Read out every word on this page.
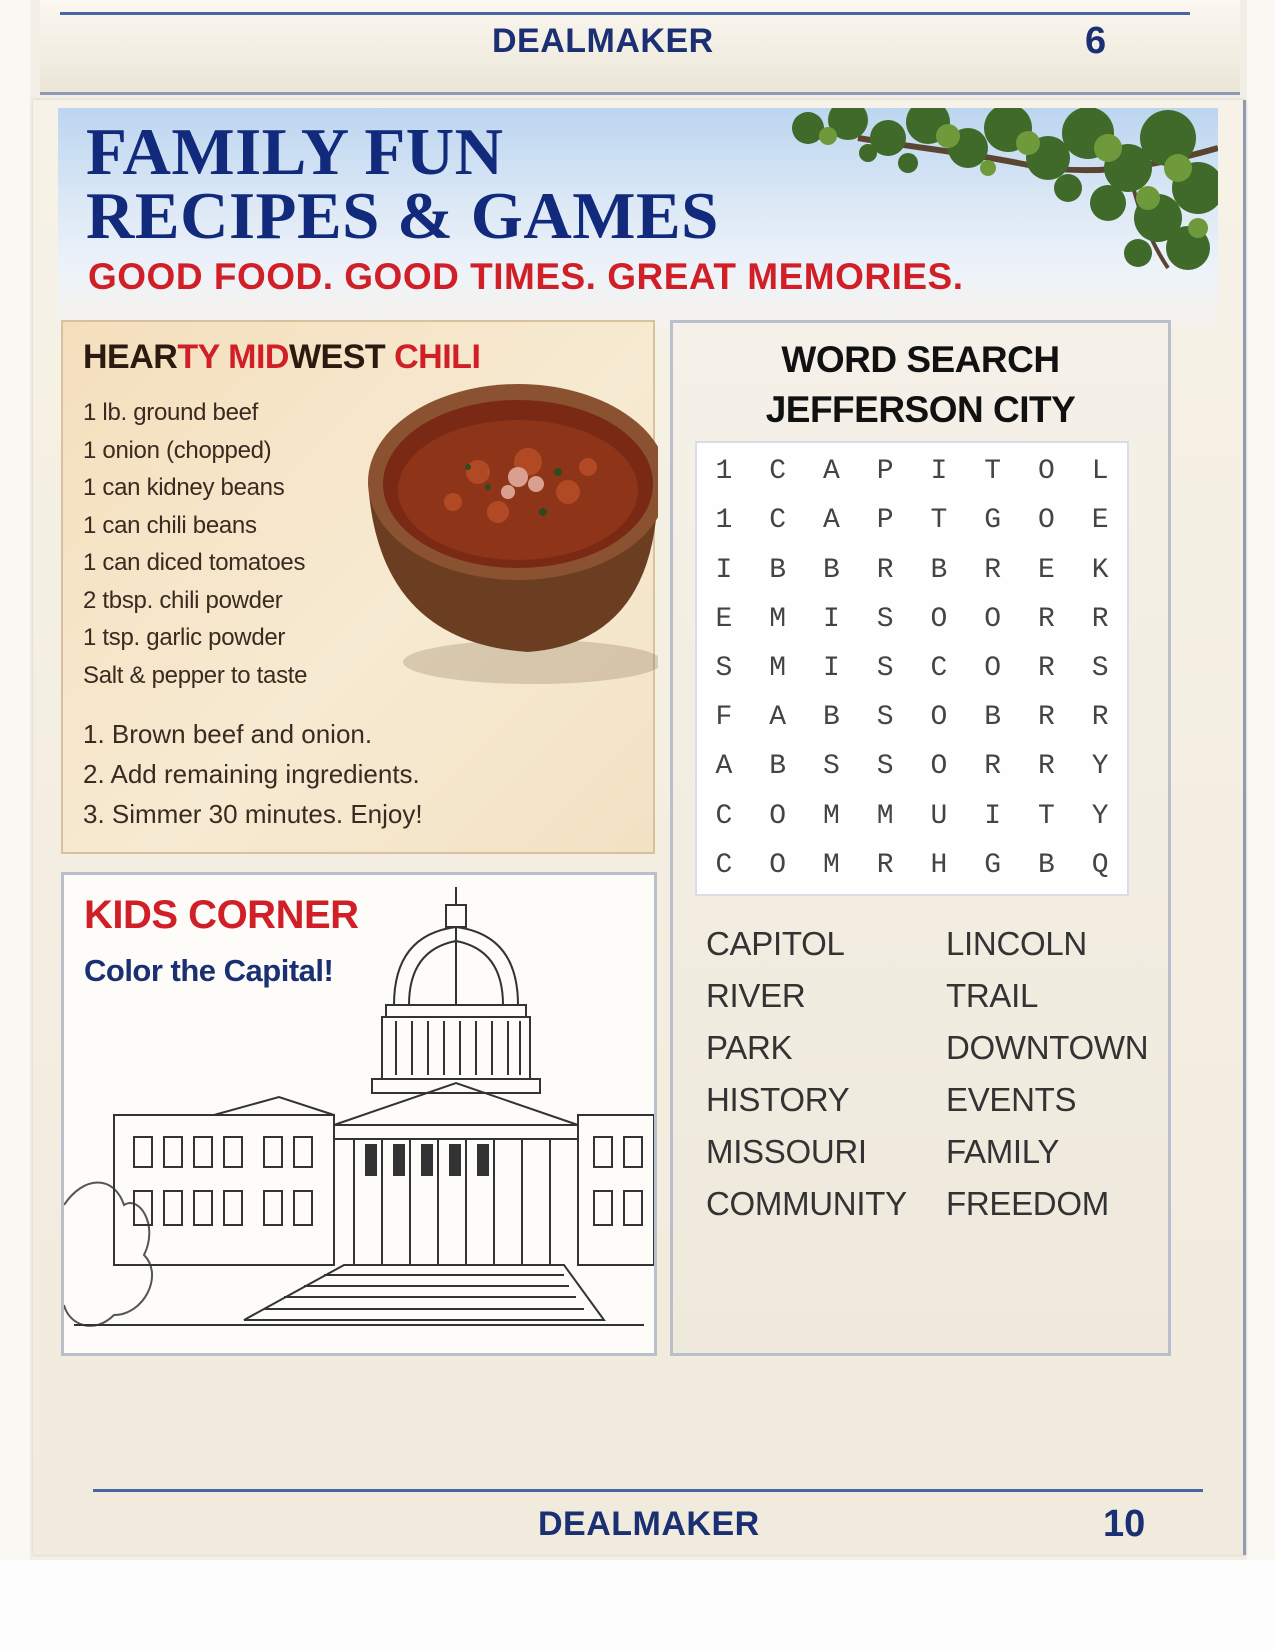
DEALMAKER	6
FAMILY FUN
RECIPES & GAMES
GOOD FOOD. GOOD TIMES. GREAT MEMORIES.
HEARTY MIDWEST CHILI
1 lb. ground beef
1 onion (chopped)
1 can kidney beans
1 can chili beans
1 can diced tomatoes
2 tbsp. chili powder
1 tsp. garlic powder
Salt & pepper to taste
1. Brown beef and onion.
2. Add remaining ingredients.
3. Simmer 30 minutes. Enjoy!
KIDS CORNER
Color the Capital!
WORD SEARCH
JEFFERSON CITY
1	C	A	P	I	T	O	L
1	C	A	P	T	G	O	E
I	B	B	R	B	R	E	K
E	M	I	S	O	O	R	R
S	M	I	S	C	O	R	S
F	A	B	S	O	B	R	R
A	B	S	S	O	R	R	Y
C	O	M	M	U	I	T	Y
C	O	M	R	H	G	B	Q
CAPITOL	LINCOLN
RIVER	TRAIL
PARK	DOWNTOWN
HISTORY	EVENTS
MISSOURI	FAMILY
COMMUNITY	FREEDOM
DEALMAKER	10
